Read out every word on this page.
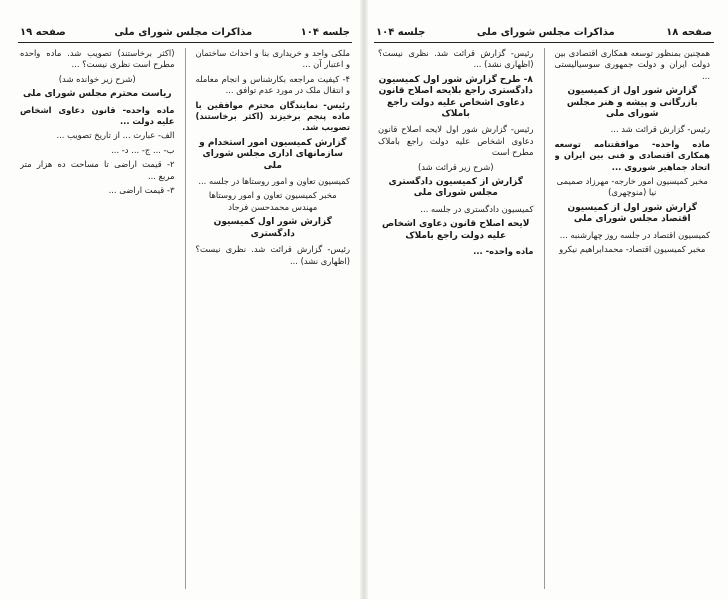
جلسه ۱۰۴
مذاکرات مجلس شورای ملی
صفحه ۱۹

ملکی واحد و خریداری بنا و احداث ساختمان و اعتبار آن ...

۴- کیفیت مراجعه بکارشناس و انجام معامله و انتقال ملک در مورد عدم توافق ...

رئیس- نمایندگان محترم موافقین با ماده پنجم برخیزند (اکثر برخاستند) تصویب شد.

گزارش کمیسیون امور استخدام و سازمانهای اداری مجلس شورای ملی

کمیسیون تعاون و امور روستاها در جلسه ...

مخبر کمیسیون تعاون و امور روستاها مهندس محمدحسن فرجاد

گزارش شور اول کمیسیون دادگستری

رئیس- گزارش قرائت شد. نظری نیست؟ (اظهاری نشد) ...

(اکثر برخاستند) تصویب شد. ماده واحده مطرح است نظری نیست؟ ...

(شرح زیر خوانده شد)

ریاست محترم مجلس شورای ملی

ماده واحده- قانون دعاوی اشخاص علیه دولت ...

الف- عبارت ... از تاریخ تصویب ...

ب- ... ج- ... د- ...

۲- قیمت اراضی تا مساحت ده هزار متر مربع ...

۳- قیمت اراضی ...

صفحه ۱۸
مذاکرات مجلس شورای ملی
جلسه ۱۰۴

همچنین بمنظور توسعه همکاری اقتصادی بین دولت ایران و دولت جمهوری سوسیالیستی ...

گزارش شور اول از کمیسیون بازرگانی و پیشه و هنر مجلس شورای ملی

رئیس- گزارش قرائت شد ...

ماده واحده- موافقتنامه توسعه همکاری اقتصادی و فنی بین ایران و اتحاد جماهیر شوروی ...

مخبر کمیسیون امور خارجه- مهرزاد صمیمی نیا (منوچهری)

گزارش شور اول از کمیسیون اقتصاد مجلس شورای ملی

کمیسیون اقتصاد در جلسه روز چهارشنبه ...

مخبر کمیسیون اقتصاد- محمدابراهیم نیکرو

رئیس- گزارش قرائت شد. نظری نیست؟ (اظهاری نشد) ...

۸- طرح گزارش شور اول کمیسیون دادگستری راجع بلایحه اصلاح قانون دعاوی اشخاص علیه دولت راجع باملاک

رئیس- گزارش شور اول لایحه اصلاح قانون دعاوی اشخاص علیه دولت راجع باملاک مطرح است

(شرح زیر قرائت شد)

گزارش از کمیسیون دادگستری مجلس شورای ملی

کمیسیون دادگستری در جلسه ...

لایحه اصلاح قانون دعاوی اشخاص علیه دولت راجع باملاک

ماده واحده- ...
